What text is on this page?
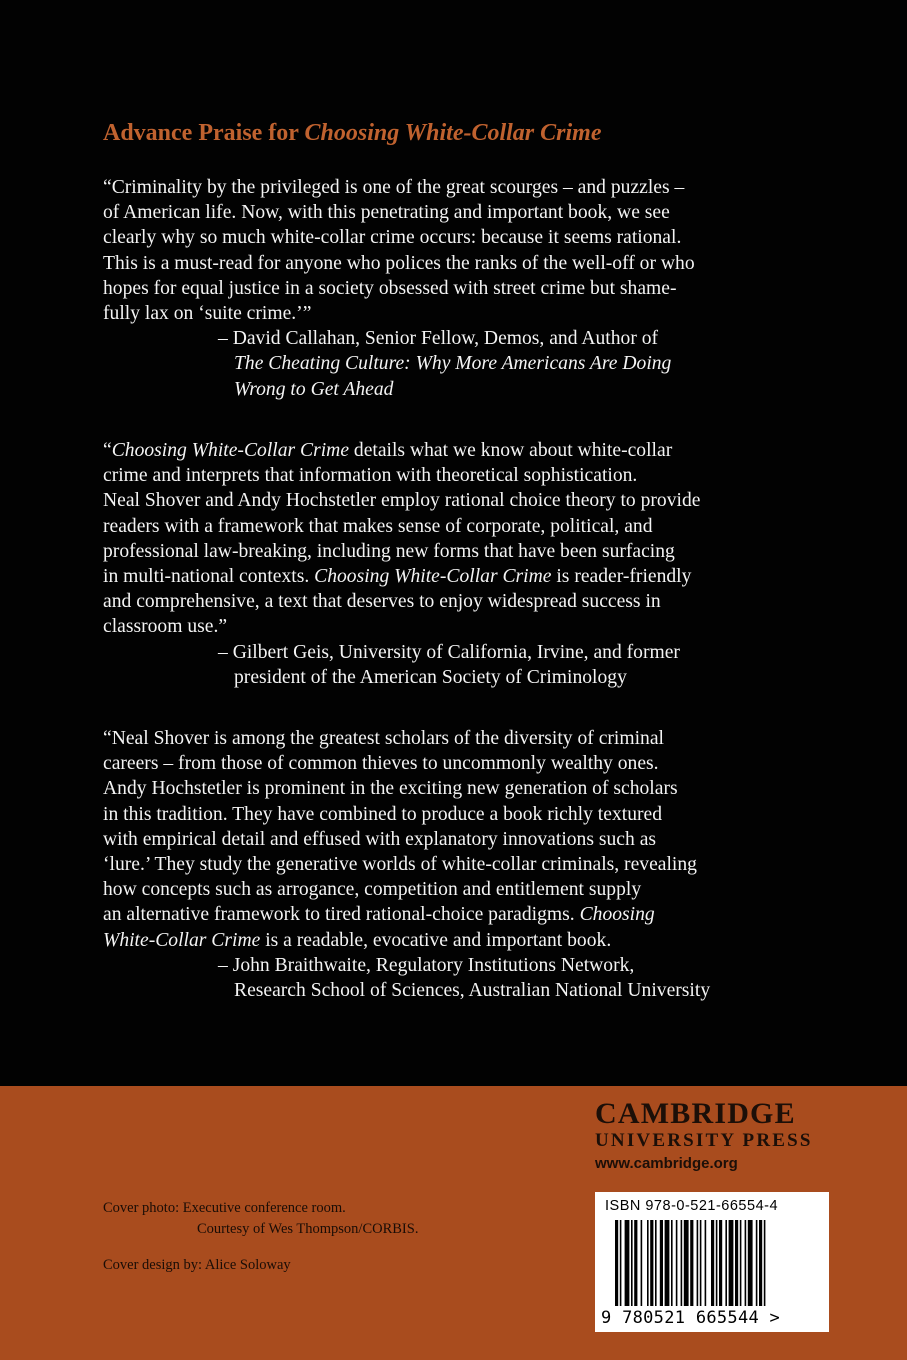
Advance Praise for Choosing White-Collar Crime

“Criminality by the privileged is one of the great scourges – and puzzles –

of American life. Now, with this penetrating and important book, we see

clearly why so much white-collar crime occurs: because it seems rational.

This is a must-read for anyone who polices the ranks of the well-off or who

hopes for equal justice in a society obsessed with street crime but shame-

fully lax on ‘suite crime.’”

– David Callahan, Senior Fellow, Demos, and Author of
The Cheating Culture: Why More Americans Are Doing
Wrong to Get Ahead

“Choosing White-Collar Crime details what we know about white-collar

crime and interprets that information with theoretical sophistication.

Neal Shover and Andy Hochstetler employ rational choice theory to provide

readers with a framework that makes sense of corporate, political, and

professional law-breaking, including new forms that have been surfacing

in multi-national contexts. Choosing White-Collar Crime is reader-friendly

and comprehensive, a text that deserves to enjoy widespread success in

classroom use.”

– Gilbert Geis, University of California, Irvine, and former
president of the American Society of Criminology

“Neal Shover is among the greatest scholars of the diversity of criminal

careers – from those of common thieves to uncommonly wealthy ones.

Andy Hochstetler is prominent in the exciting new generation of scholars

in this tradition. They have combined to produce a book richly textured

with empirical detail and effused with explanatory innovations such as

‘lure.’ They study the generative worlds of white-collar criminals, revealing

how concepts such as arrogance, competition and entitlement supply

an alternative framework to tired rational-choice paradigms. Choosing

White-Collar Crime is a readable, evocative and important book.

– John Braithwaite, Regulatory Institutions Network,
Research School of Sciences, Australian National University
Cover photo: Executive conference room.
Courtesy of Wes Thompson/CORBIS.
Cover design by: Alice Soloway
CAMBRIDGE
UNIVERSITY PRESS
www.cambridge.org
ISBN 978-0-521-66554-4
9 780521 665544 >
